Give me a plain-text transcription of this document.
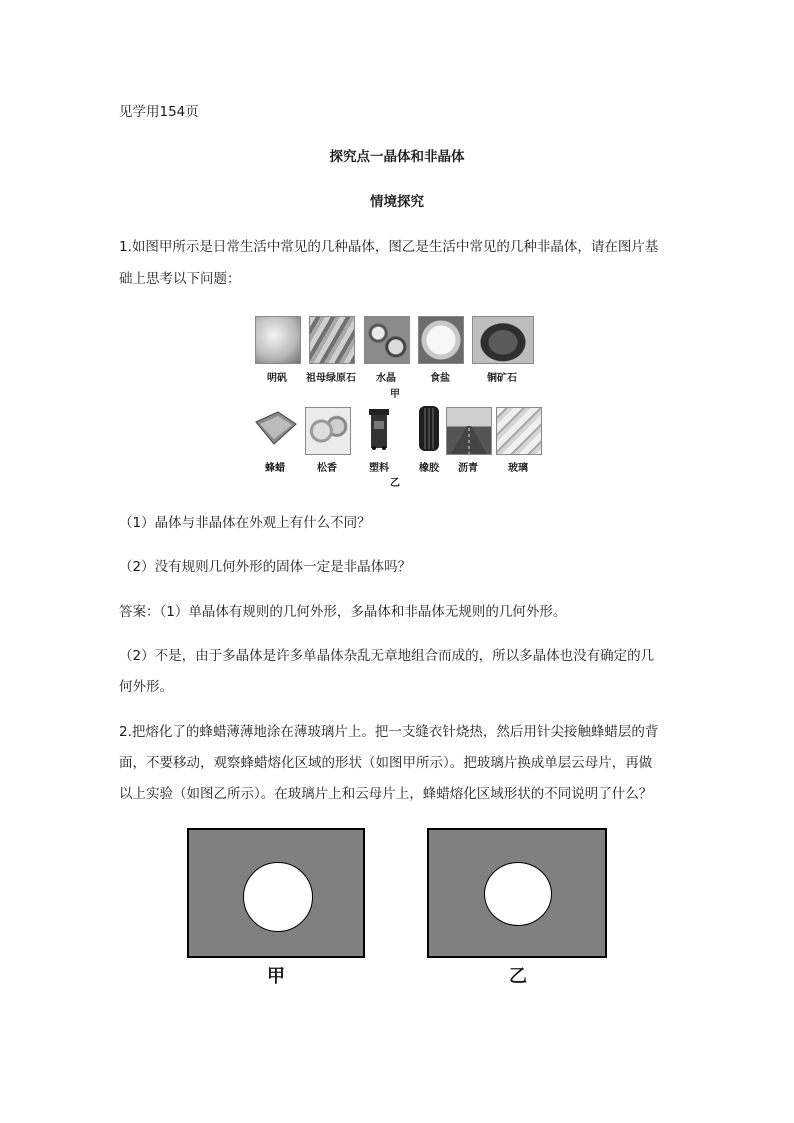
见学用154页
探究点一晶体和非晶体
情境探究
1.如图甲所示是日常生活中常见的几种晶体，图乙是生活中常见的几种非晶体，请在图片基
础上思考以下问题：
明矾	祖母绿原石	水晶	食盐	铜矿石
甲
蜂蜡	松香	塑料	橡胶	沥青	玻璃
乙
（1）晶体与非晶体在外观上有什么不同？
（2）没有规则几何外形的固体一定是非晶体吗？
答案：（1）单晶体有规则的几何外形，多晶体和非晶体无规则的几何外形。
（2）不是，由于多晶体是许多单晶体杂乱无章地组合而成的，所以多晶体也没有确定的几
何外形。
2.把熔化了的蜂蜡薄薄地涂在薄玻璃片上。把一支缝衣针烧热，然后用针尖接触蜂蜡层的背
面，不要移动，观察蜂蜡熔化区域的形状（如图甲所示）。把玻璃片换成单层云母片，再做
以上实验（如图乙所示）。在玻璃片上和云母片上，蜂蜡熔化区域形状的不同说明了什么？
甲	乙
